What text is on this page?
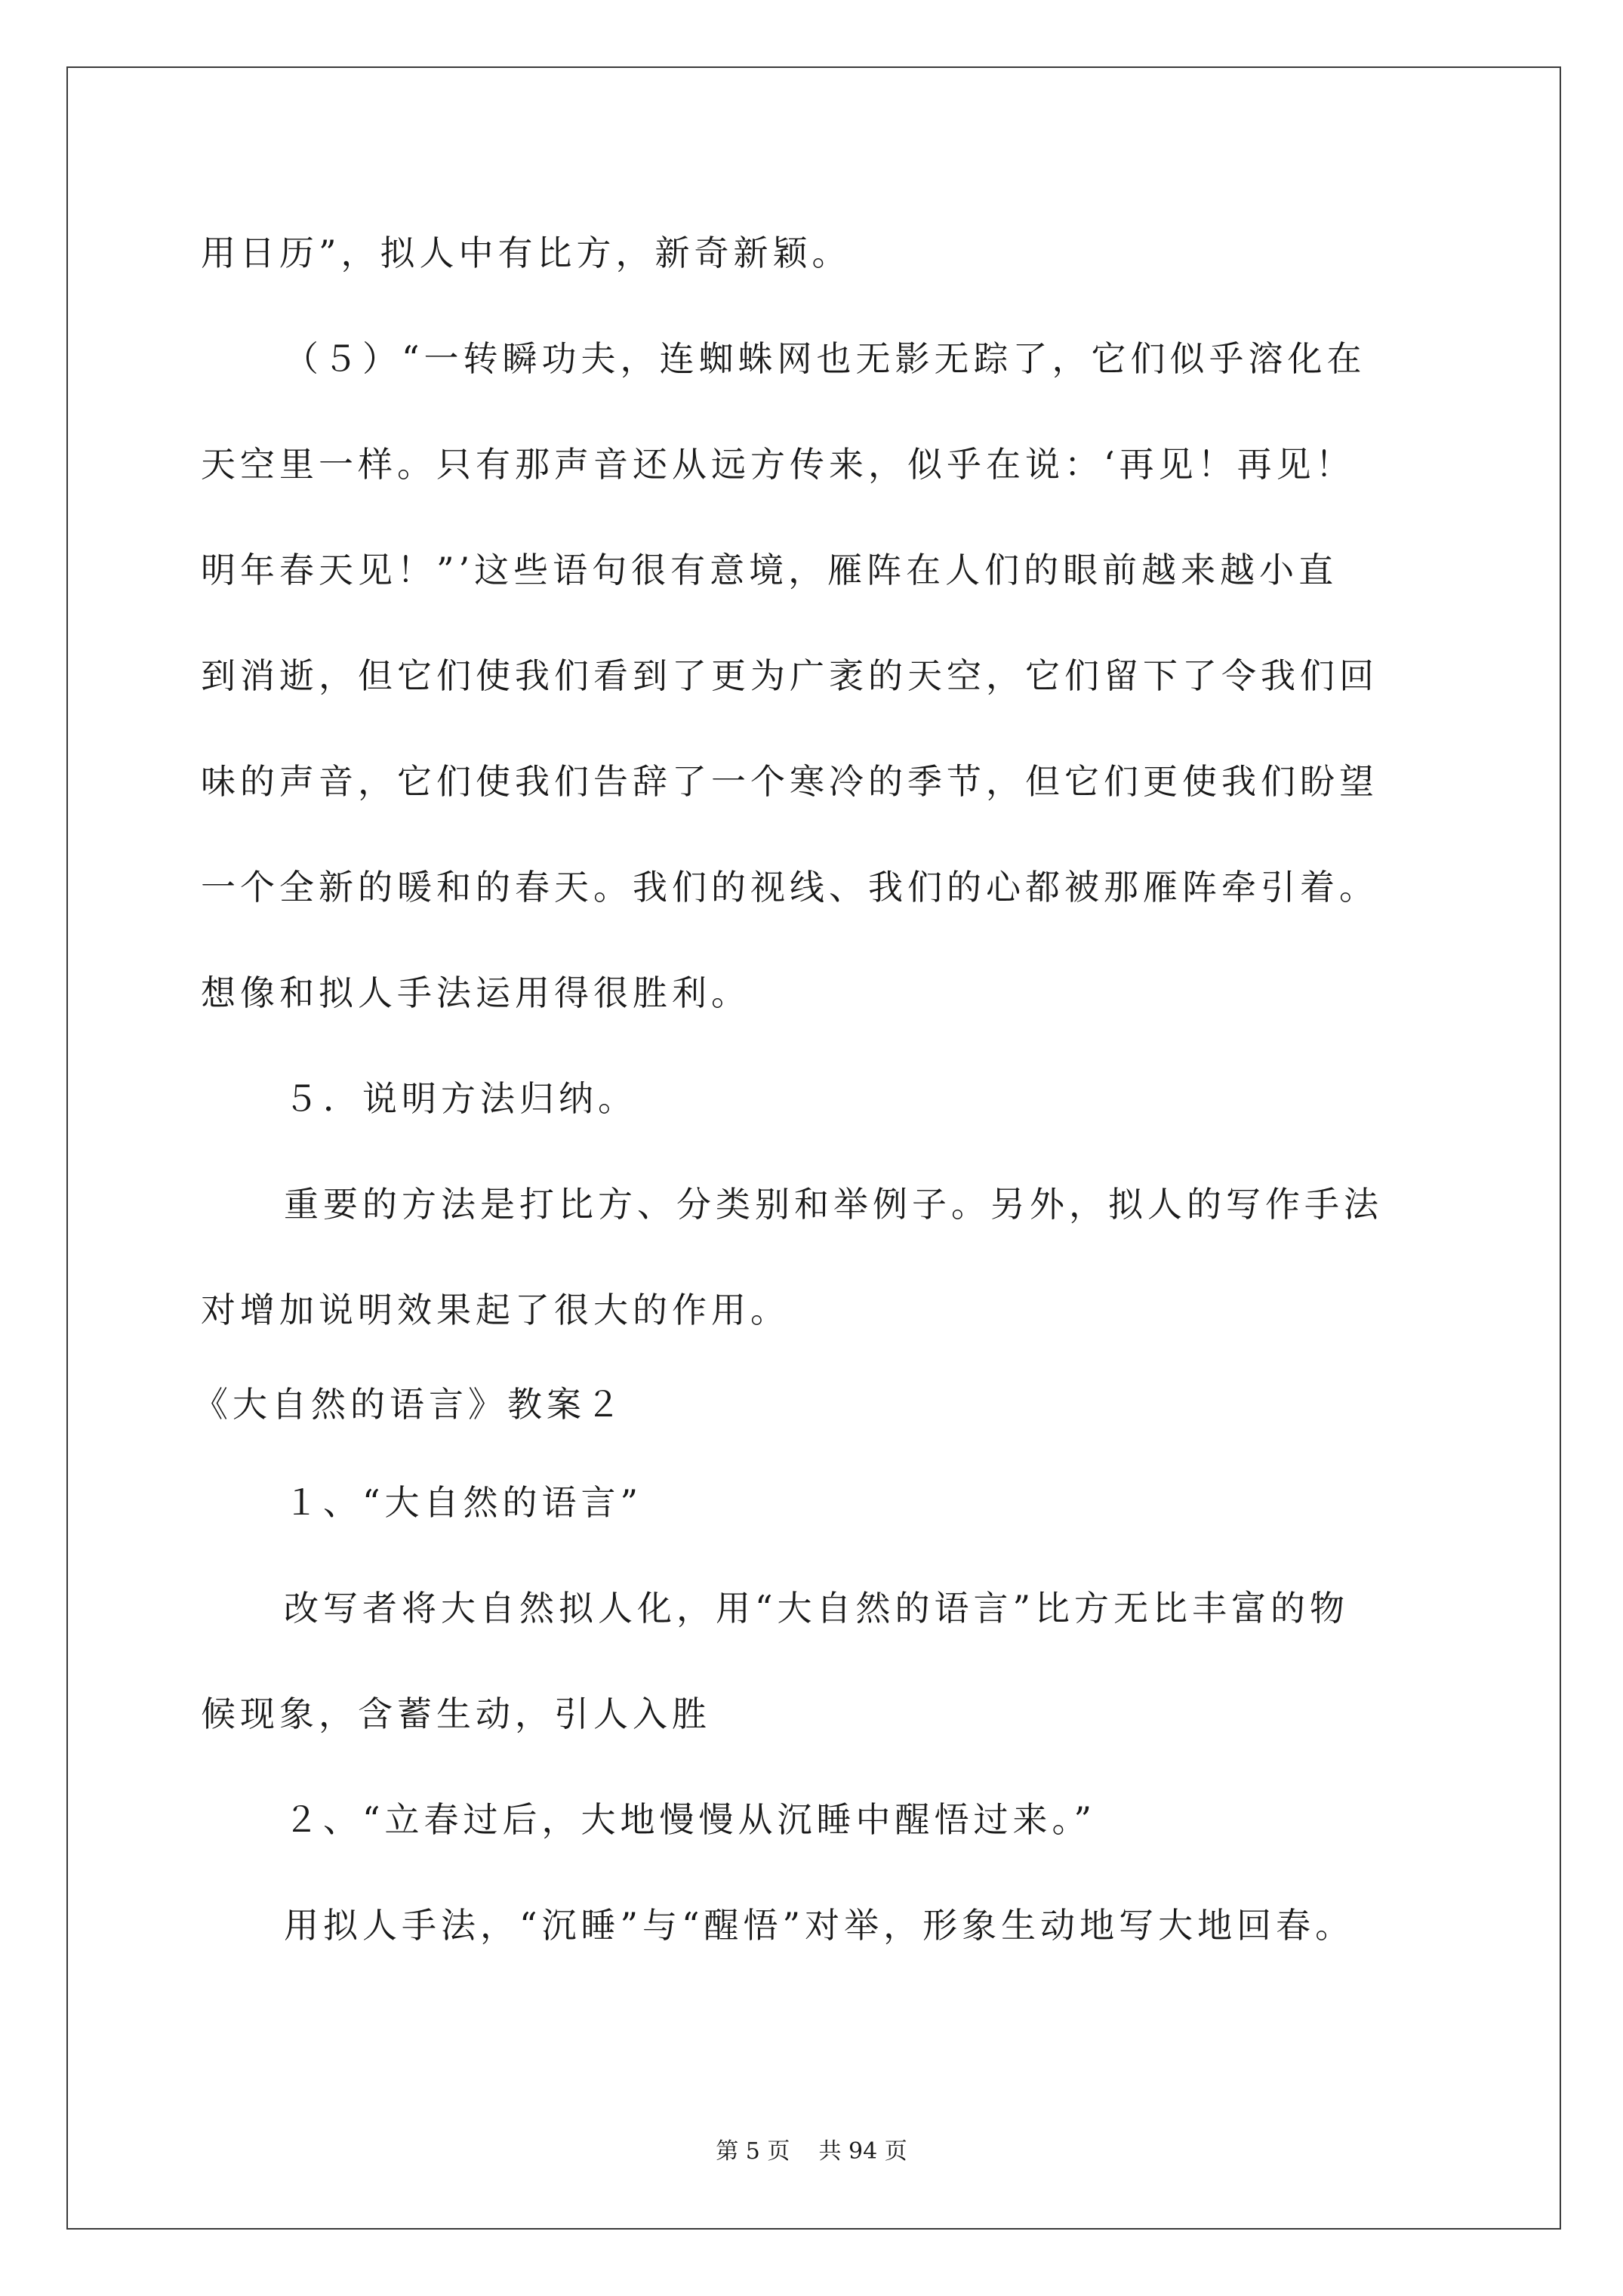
用日历”，拟人中有比方，新奇新颖。
（５）“一转瞬功夫，连蜘蛛网也无影无踪了，它们似乎溶化在
天空里一样。只有那声音还从远方传来，似乎在说：‘再见！再见！
明年春天见！”’这些语句很有意境，雁阵在人们的眼前越来越小直
到消逝，但它们使我们看到了更为广袤的天空，它们留下了令我们回
味的声音，它们使我们告辞了一个寒冷的季节，但它们更使我们盼望
一个全新的暖和的春天。我们的视线、我们的心都被那雁阵牵引着。
想像和拟人手法运用得很胜利。
５．说明方法归纳。
重要的方法是打比方、分类别和举例子。另外，拟人的写作手法
对增加说明效果起了很大的作用。
《大自然的语言》教案２
１、“大自然的语言”
改写者将大自然拟人化，用“大自然的语言”比方无比丰富的物
候现象，含蓄生动，引人入胜
２、“立春过后，大地慢慢从沉睡中醒悟过来。”
用拟人手法，“沉睡”与“醒悟”对举，形象生动地写大地回春。
第 5 页    共 94 页
